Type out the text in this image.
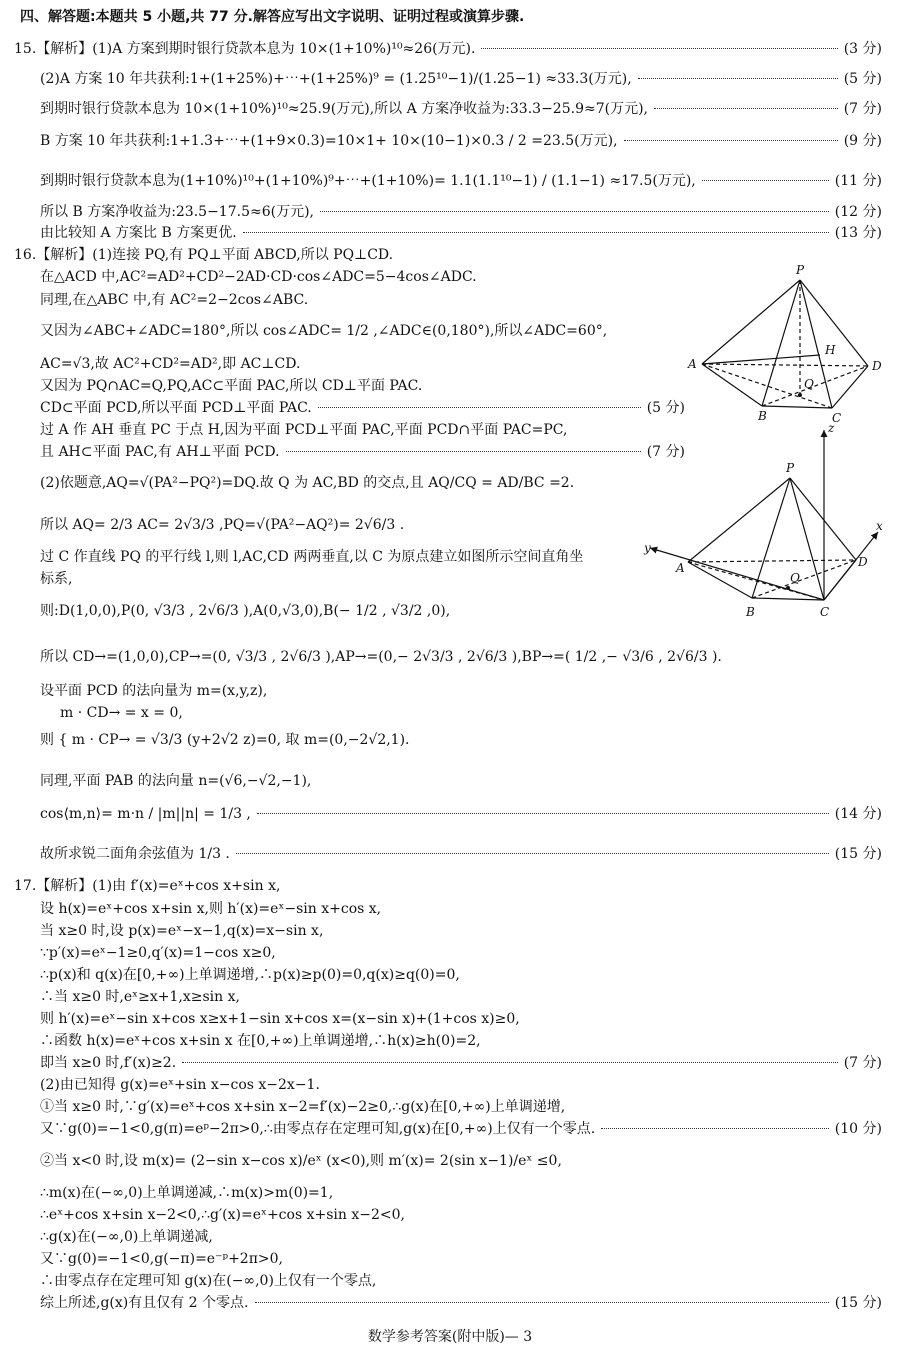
四、解答题:本题共 5 小题,共 77 分.解答应写出文字说明、证明过程或演算步骤.
15.【解析】(1)A 方案到期时银行贷款本息为 10×(1+10%)¹⁰≈26(万元).	(3 分)
(2)A 方案 10 年共获利:1+(1+25%)+⋯+(1+25%)⁹ = (1.25¹⁰−1)/(1.25−1) ≈33.3(万元),	(5 分)
到期时银行贷款本息为 10×(1+10%)¹⁰≈25.9(万元),所以 A 方案净收益为:33.3−25.9≈7(万元),	(7 分)
B 方案 10 年共获利:1+1.3+⋯+(1+9×0.3)=10×1+ 10×(10−1)×0.3 / 2 =23.5(万元),	(9 分)
到期时银行贷款本息为(1+10%)¹⁰+(1+10%)⁹+⋯+(1+10%)= 1.1(1.1¹⁰−1) / (1.1−1) ≈17.5(万元),	(11 分)
所以 B 方案净收益为:23.5−17.5≈6(万元),	(12 分)
由比较知 A 方案比 B 方案更优.	(13 分)
16.【解析】(1)连接 PQ,有 PQ⊥平面 ABCD,所以 PQ⊥CD.
在△ACD 中,AC²=AD²+CD²−2AD·CD·cos∠ADC=5−4cos∠ADC.
同理,在△ABC 中,有 AC²=2−2cos∠ABC.
又因为∠ABC+∠ADC=180°,所以 cos∠ADC= 1/2 ,∠ADC∈(0,180°),所以∠ADC=60°,
AC=√3,故 AC²+CD²=AD²,即 AC⊥CD.
又因为 PQ∩AC=Q,PQ,AC⊂平面 PAC,所以 CD⊥平面 PAC.
CD⊂平面 PCD,所以平面 PCD⊥平面 PAC.	(5 分)
过 A 作 AH 垂直 PC 于点 H,因为平面 PCD⊥平面 PAC,平面 PCD∩平面 PAC=PC,
且 AH⊂平面 PAC,有 AH⊥平面 PCD.	(7 分)
(2)依题意,AQ=√(PA²−PQ²)=DQ.故 Q 为 AC,BD 的交点,且 AQ/CQ = AD/BC =2.
所以 AQ= 2/3 AC= 2√3/3 ,PQ=√(PA²−AQ²)= 2√6/3 .
过 C 作直线 PQ 的平行线 l,则 l,AC,CD 两两垂直,以 C 为原点建立如图所示空间直角坐
标系,
则:D(1,0,0),P(0, √3/3 , 2√6/3 ),A(0,√3,0),B(− 1/2 , √3/2 ,0),
所以 CD→=(1,0,0),CP→=(0, √3/3 , 2√6/3 ),AP→=(0,− 2√3/3 , 2√6/3 ),BP→=( 1/2 ,− √3/6 , 2√6/3 ).
设平面 PCD 的法向量为 m=(x,y,z),
m · CD→ = x = 0,
则 { m · CP→ = √3/3 (y+2√2 z)=0, 取 m=(0,−2√2,1).
同理,平面 PAB 的法向量 n=(√6,−√2,−1),
cos⟨m,n⟩= m·n / |m||n| = 1/3 ,	(14 分)
故所求锐二面角余弦值为 1/3 .	(15 分)
17.【解析】(1)由 f′(x)=eˣ+cos x+sin x,
设 h(x)=eˣ+cos x+sin x,则 h′(x)=eˣ−sin x+cos x,
当 x≥0 时,设 p(x)=eˣ−x−1,q(x)=x−sin x,
∵p′(x)=eˣ−1≥0,q′(x)=1−cos x≥0,
∴p(x)和 q(x)在[0,+∞)上单调递增,∴p(x)≥p(0)=0,q(x)≥q(0)=0,
∴当 x≥0 时,eˣ≥x+1,x≥sin x,
则 h′(x)=eˣ−sin x+cos x≥x+1−sin x+cos x=(x−sin x)+(1+cos x)≥0,
∴函数 h(x)=eˣ+cos x+sin x 在[0,+∞)上单调递增,∴h(x)≥h(0)=2,
即当 x≥0 时,f′(x)≥2.	(7 分)
(2)由已知得 g(x)=eˣ+sin x−cos x−2x−1.
①当 x≥0 时,∵g′(x)=eˣ+cos x+sin x−2=f′(x)−2≥0,∴g(x)在[0,+∞)上单调递增,
又∵g(0)=−1<0,g(π)=eᵖ−2π>0,∴由零点存在定理可知,g(x)在[0,+∞)上仅有一个零点.	(10 分)
②当 x<0 时,设 m(x)= (2−sin x−cos x)/eˣ (x<0),则 m′(x)= 2(sin x−1)/eˣ ≤0,
∴m(x)在(−∞,0)上单调递减,∴m(x)>m(0)=1,
∴eˣ+cos x+sin x−2<0,∴g′(x)=eˣ+cos x+sin x−2<0,
∴g(x)在(−∞,0)上单调递减,
又∵g(0)=−1<0,g(−π)=e⁻ᵖ+2π>0,
∴由零点存在定理可知 g(x)在(−∞,0)上仅有一个零点,
综上所述,g(x)有且仅有 2 个零点.	(15 分)
P
H
A	D
Q
B	C
z
P
x
y
A	D
Q
B	C
数学参考答案(附中版)— 3
